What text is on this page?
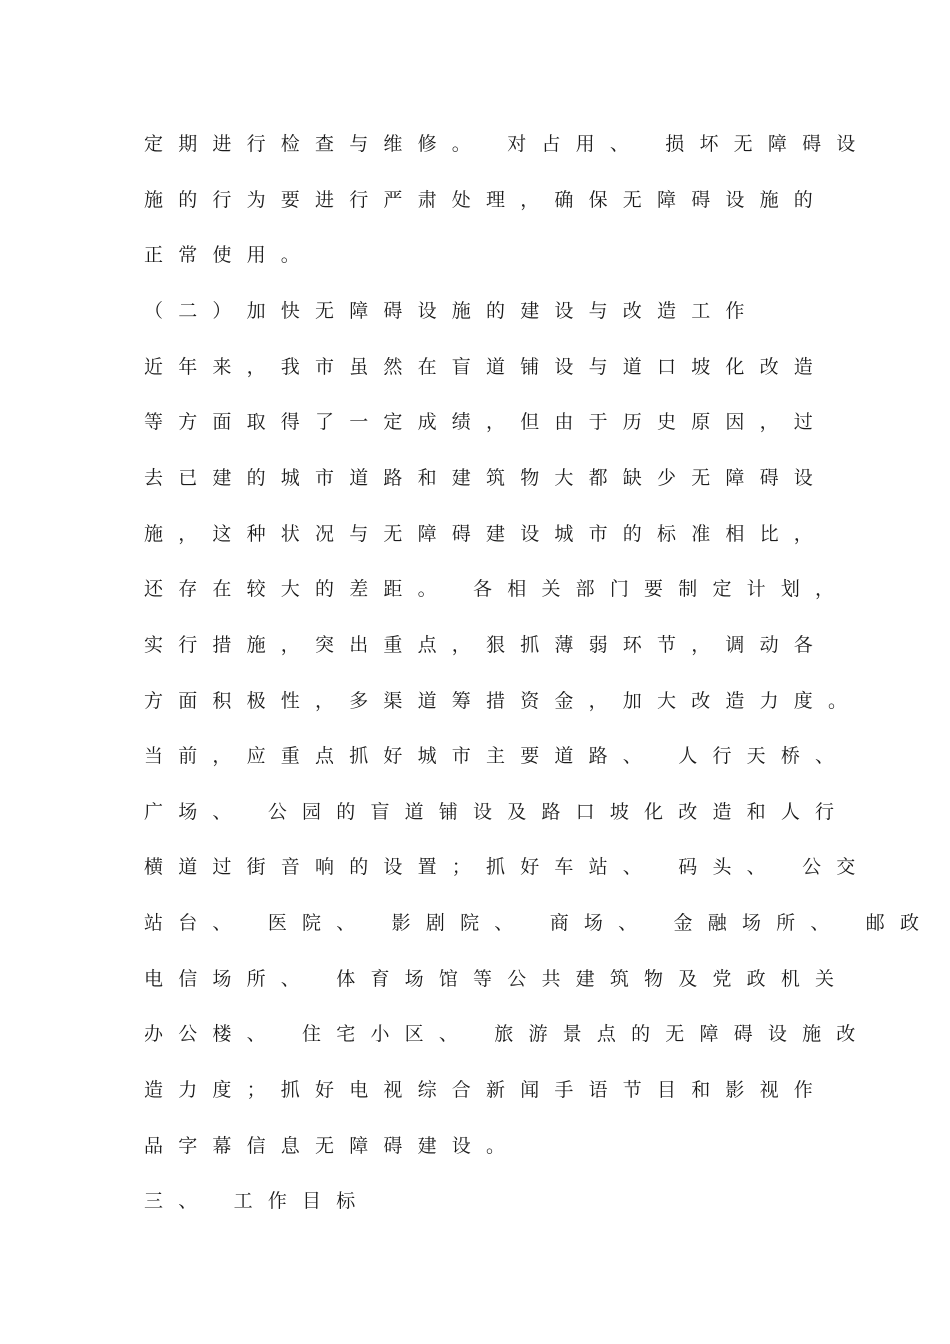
定期进行检查与维修。 对占用、 损坏无障碍设
施的行为要进行严肃处理，确保无障碍设施的
正常使用。
（二）加快无障碍设施的建设与改造工作
近年来，我市虽然在盲道铺设与道口坡化改造
等方面取得了一定成绩，但由于历史原因，过
去已建的城市道路和建筑物大都缺少无障碍设
施，这种状况与无障碍建设城市的标准相比，
还存在较大的差距。 各相关部门要制定计划，
实行措施，突出重点，狠抓薄弱环节，调动各
方面积极性，多渠道筹措资金，加大改造力度。
当前，应重点抓好城市主要道路、 人行天桥、
广场、 公园的盲道铺设及路口坡化改造和人行
横道过街音响的设置；抓好车站、 码头、 公交
站台、 医院、 影剧院、 商场、 金融场所、 邮政
电信场所、 体育场馆等公共建筑物及党政机关
办公楼、 住宅小区、 旅游景点的无障碍设施改
造力度；抓好电视综合新闻手语节目和影视作
品字幕信息无障碍建设。
三、 工作目标
